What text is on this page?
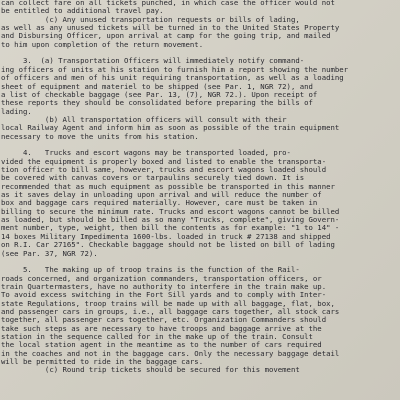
can collect fare on all tickets punched, in which case the officer would not
be entitled to additional travel pay.
(c) Any unused transportation requests or bills of lading,
as well as any unused tickets will be turned in to the United States Property
and Disbursing Officer, upon arrival at camp for the going trip, and mailed
to him upon completion of the return movement.
3.  (a) Transportation Officers will immediately notify command-
ing officers of units at his station to furnish him a report showing the number
of officers and men of his unit requiring transportation, as well as a loading
sheet of equipment and materiel to be shipped (see Par. 1, NGR 72), and
a list of checkable baggage (see Par. 13, (7), NGR 72.). Upon receipt of
these reports they should be consolidated before preparing the bills of
lading.
(b) All transportation officers will consult with their
local Railway Agent and inform him as soon as possible of the train equipment
necessary to move the units from his station.
4.   Trucks and escort wagons may be transported loaded, pro-
vided the equipment is properly boxed and listed to enable the transporta-
tion officer to bill same, however, trucks and escort wagons loaded should
be covered with canvas covers or tarpaulins securely tied down. It is
recommended that as much equipment as possible be transported in this manner
as it saves delay in unloading upon arrival and will reduce the number of
box and baggage cars required materially. However, care must be taken in
billing to secure the minimum rate. Trucks and escort wagons cannot be billed
as loaded, but should be billed as so many "Trucks, complete", giving Govern-
ment number, type, weight, then bill the contents as for example: "1 to 14" -
14 boxes Military Impedimenta 1600-lbs. loaded in truck # 27138 and shipped
on R.I. Car 27165". Checkable baggage should not be listed on bill of lading
(see Par. 37, NGR 72).
5.   The making up of troop trains is the function of the Rail-
roads concerned, and organization commanders, transportation officers, or
train Quartermasters, have no authority to interfere in the train make up.
To avoid excess switching in the Fort Sill yards and to comply with Inter-
state Regulations, troop trains will be made up with all baggage, flat, box,
and passenger cars in groups, i.e., all baggage cars together, all stock cars
together, all passenger cars together, etc. Organization Commanders should
take such steps as are necessary to have troops and baggage arrive at the
station in the sequence called for in the make up of the train. Consult
the local station agent in the meantime as to the number of cars required
in the coaches and not in the baggage cars. Only the necessary baggage detail
will be permitted to ride in the baggage cars.
(c) Round trip tickets should be secured for this movement
